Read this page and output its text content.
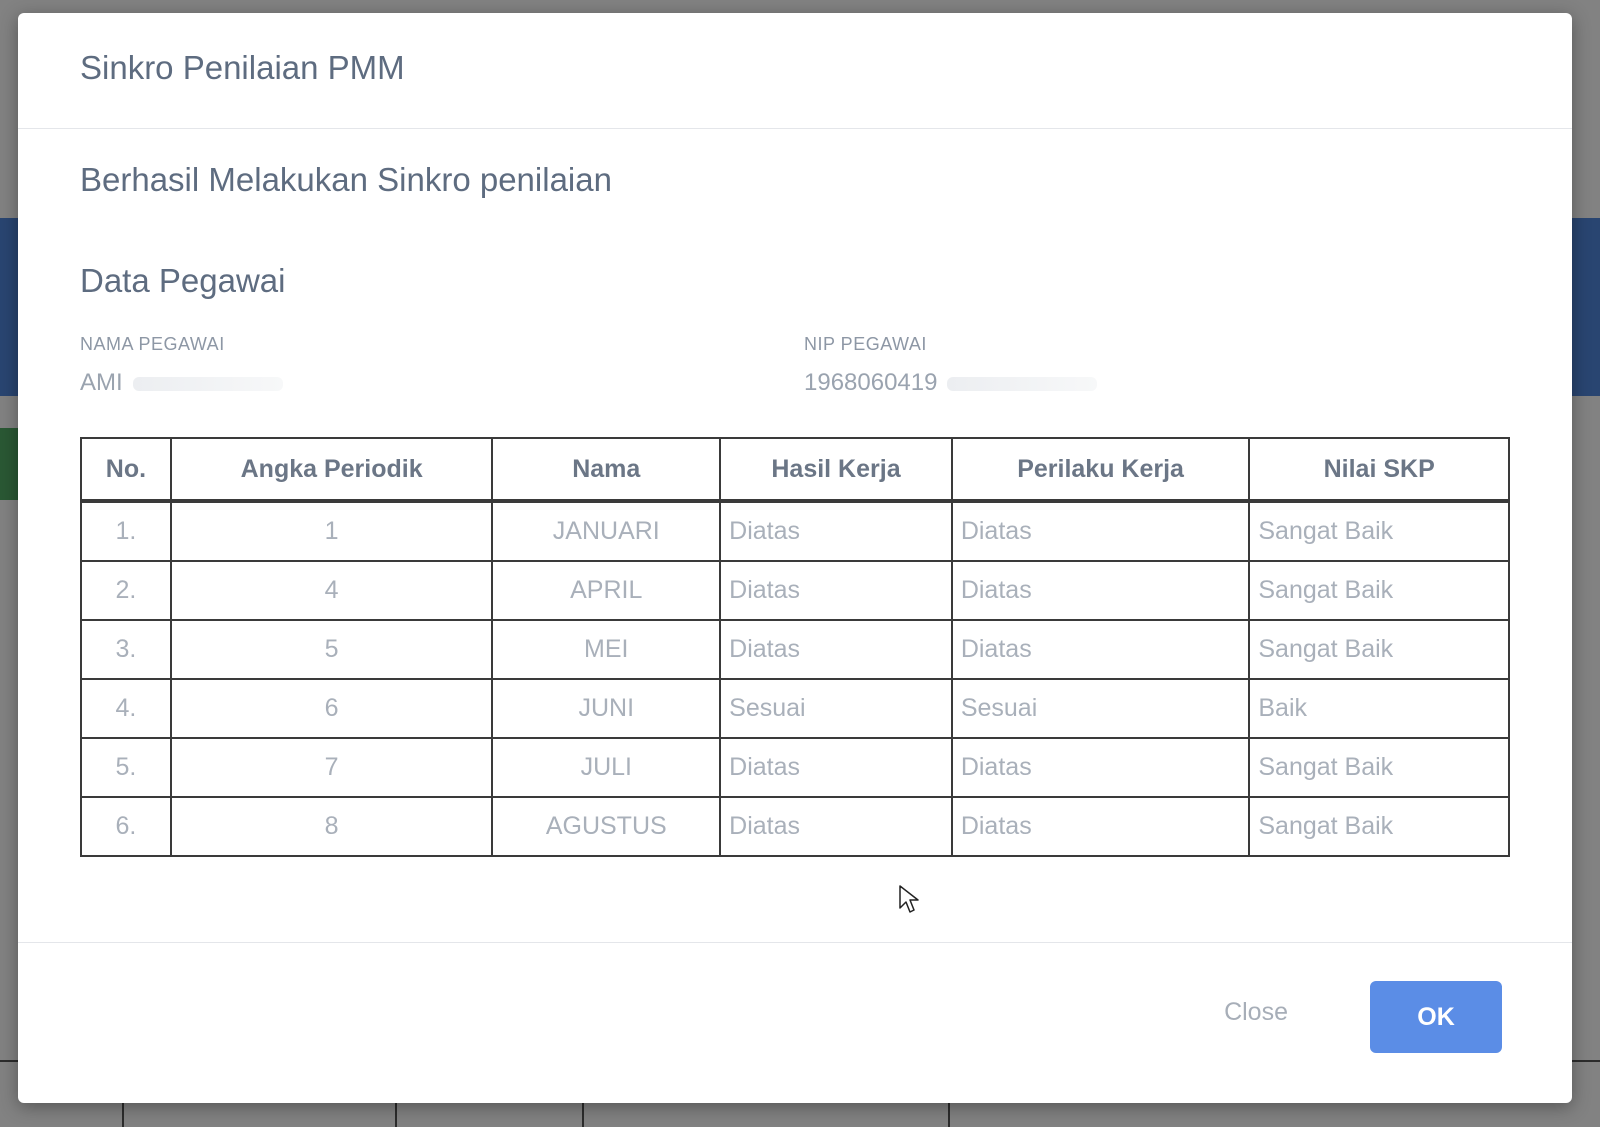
Sinkro Penilaian PMM
Berhasil Melakukan Sinkro penilaian
Data Pegawai
NAMA PEGAWAI
AMI
NIP PEGAWAI
1968060419
No.	Angka Periodik	Nama	Hasil Kerja	Perilaku Kerja	Nilai SKP
1.	1	JANUARI	Diatas	Diatas	Sangat Baik
2.	4	APRIL	Diatas	Diatas	Sangat Baik
3.	5	MEI	Diatas	Diatas	Sangat Baik
4.	6	JUNI	Sesuai	Sesuai	Baik
5.	7	JULI	Diatas	Diatas	Sangat Baik
6.	8	AGUSTUS	Diatas	Diatas	Sangat Baik
Close	OK
